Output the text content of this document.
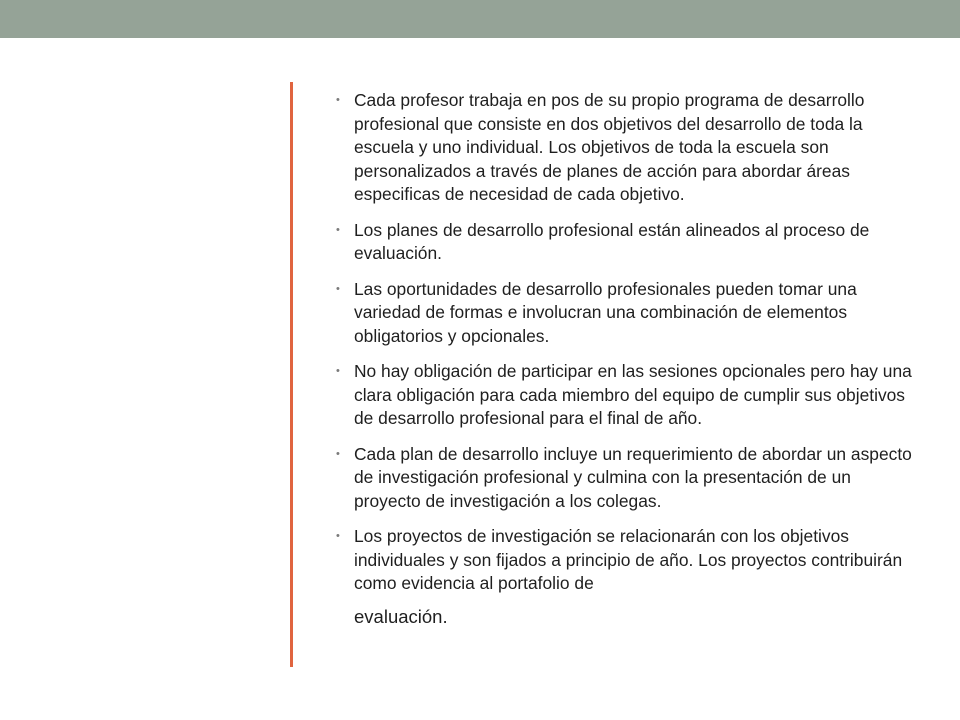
• Cada profesor trabaja en pos de su propio programa de desarrollo profesional que consiste en dos objetivos del desarrollo de toda la escuela y uno individual. Los objetivos de toda la escuela son personalizados a través de planes de acción para abordar áreas especificas de necesidad de cada objetivo.
• Los planes de desarrollo profesional están alineados al proceso de evaluación.
• Las oportunidades de desarrollo profesionales pueden tomar una variedad de formas e involucran una combinación de elementos obligatorios y opcionales.
• No hay obligación de participar en las sesiones opcionales pero hay una clara obligación para cada miembro del equipo de cumplir sus objetivos de desarrollo profesional para el final de año.
• Cada plan de desarrollo incluye un requerimiento de abordar un aspecto de investigación profesional y culmina con la presentación de un proyecto de investigación a los colegas.
• Los proyectos de investigación se relacionarán con los objetivos individuales y son fijados a principio de año. Los proyectos contribuirán como evidencia al portafolio de
evaluación.
